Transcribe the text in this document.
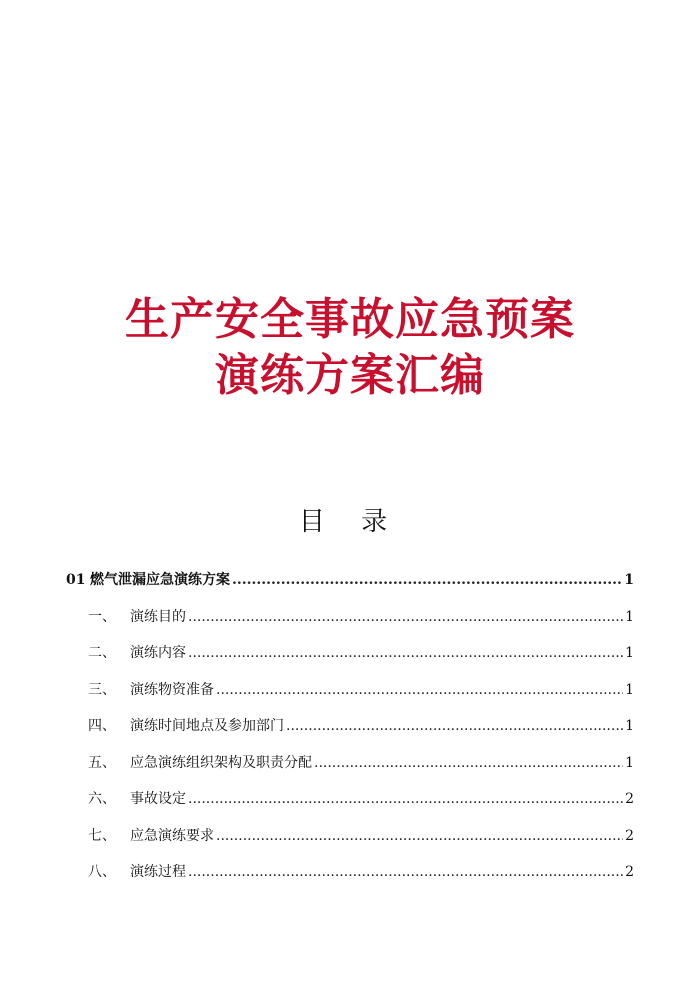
生产安全事故应急预案
演练方案汇编
目 录
01 燃气泄漏应急演练方案 .....	1
一、	演练目的 .....	1
二、	演练内容 .....	1
三、	演练物资准备 .....	1
四、	演练时间地点及参加部门 .....	1
五、	应急演练组织架构及职责分配 .....	1
六、	事故设定 .....	2
七、	应急演练要求 .....	2
八、	演练过程 .....	2
